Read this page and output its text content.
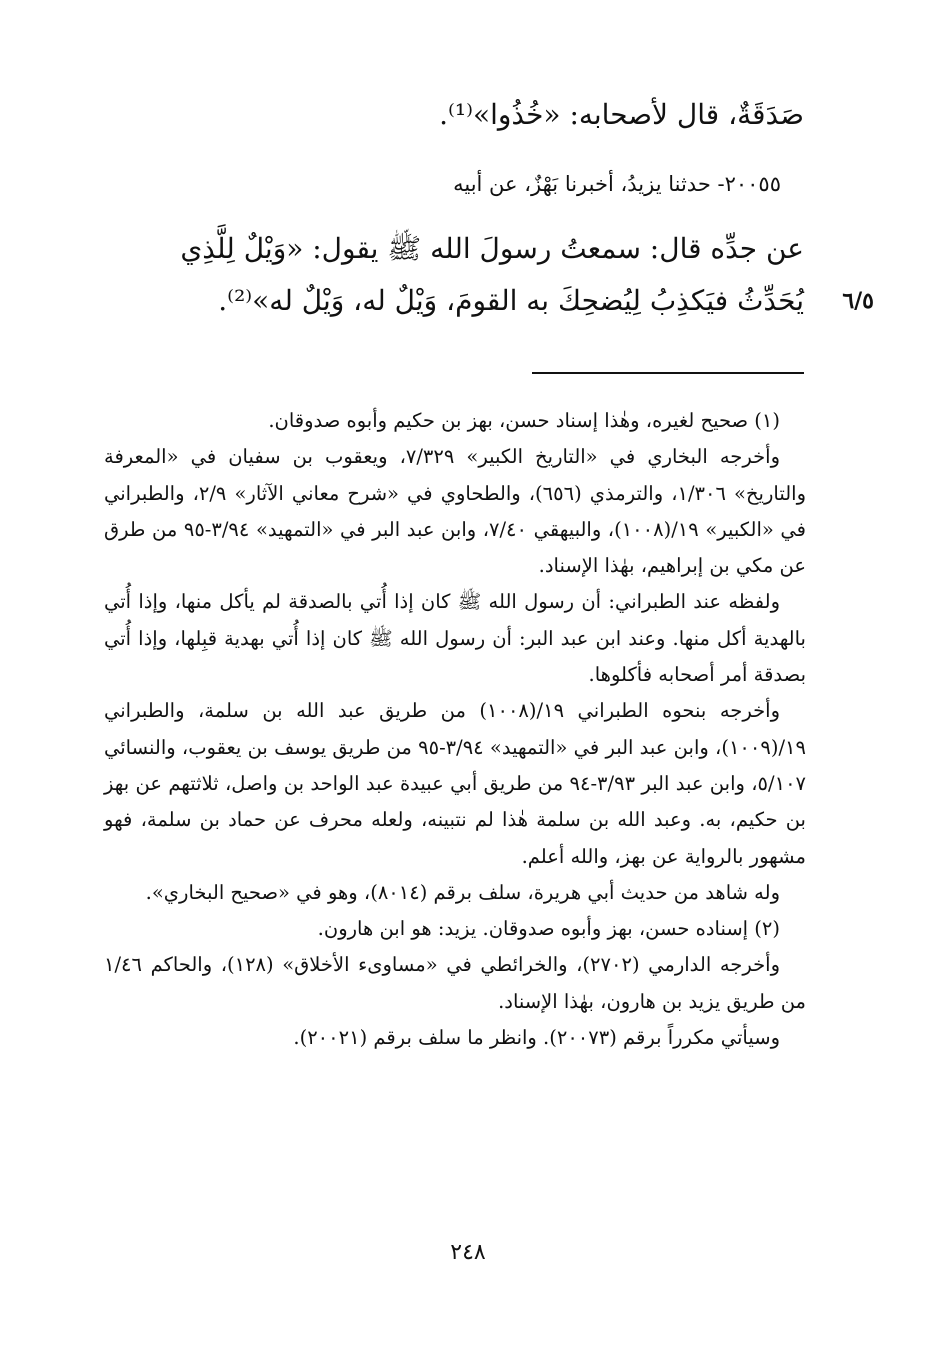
صَدَقَةٌ، قال لأصحابه: «خُذُوا»⁽¹⁾.

٢٠٠٥٥- حدثنا يزيدُ، أخبرنا بَهْزٌ، عن أبيه

عن جدِّه قال: سمعتُ رسولَ الله ﷺ يقول: «وَيْلٌ لِلَّذِي

يُحَدِّثُ فيَكذِبُ لِيُضحِكَ به القومَ، وَيْلٌ له، وَيْلٌ له»⁽²⁾. ٦/٥

(١) صحيح لغيره، وهٰذا إسناد حسن، بهز بن حكيم وأبوه صدوقان.

وأخرجه البخاري في «التاريخ الكبير» ٧/٣٢٩، ويعقوب بن سفيان في «المعرفة والتاريخ» ١/٣٠٦، والترمذي (٦٥٦)، والطحاوي في «شرح معاني الآثار» ٢/٩، والطبراني في «الكبير» ١٩/(١٠٠٨)، والبيهقي ٧/٤٠، وابن عبد البر في «التمهيد» ٣/٩٤-٩٥ من طرق عن مكي بن إبراهيم، بهٰذا الإسناد.

ولفظه عند الطبراني: أن رسول الله ﷺ كان إذا أُتي بالصدقة لم يأكل منها، وإذا أُتي بالهدية أكل منها. وعند ابن عبد البر: أن رسول الله ﷺ كان إذا أُتي بهدية قبِلها، وإذا أُتي بصدقة أمر أصحابه فأكلوها.

وأخرجه بنحوه الطبراني ١٩/(١٠٠٨) من طريق عبد الله بن سلمة، والطبراني ١٩/(١٠٠٩)، وابن عبد البر في «التمهيد» ٣/٩٤-٩٥ من طريق يوسف بن يعقوب، والنسائي ٥/١٠٧، وابن عبد البر ٣/٩٣-٩٤ من طريق أبي عبيدة عبد الواحد بن واصل، ثلاثتهم عن بهز بن حكيم، به. وعبد الله بن سلمة هٰذا لم نتبينه، ولعله محرف عن حماد بن سلمة، فهو مشهور بالرواية عن بهز، والله أعلم.

وله شاهد من حديث أبي هريرة، سلف برقم (٨٠١٤)، وهو في «صحيح البخاري».

(٢) إسناده حسن، بهز وأبوه صدوقان. يزيد: هو ابن هارون.

وأخرجه الدارمي (٢٧٠٢)، والخرائطي في «مساوىء الأخلاق» (١٢٨)، والحاكم ١/٤٦ من طريق يزيد بن هارون، بهٰذا الإسناد.

وسيأتي مكرراً برقم (٢٠٠٧٣). وانظر ما سلف برقم (٢٠٠٢١).

٢٤٨
